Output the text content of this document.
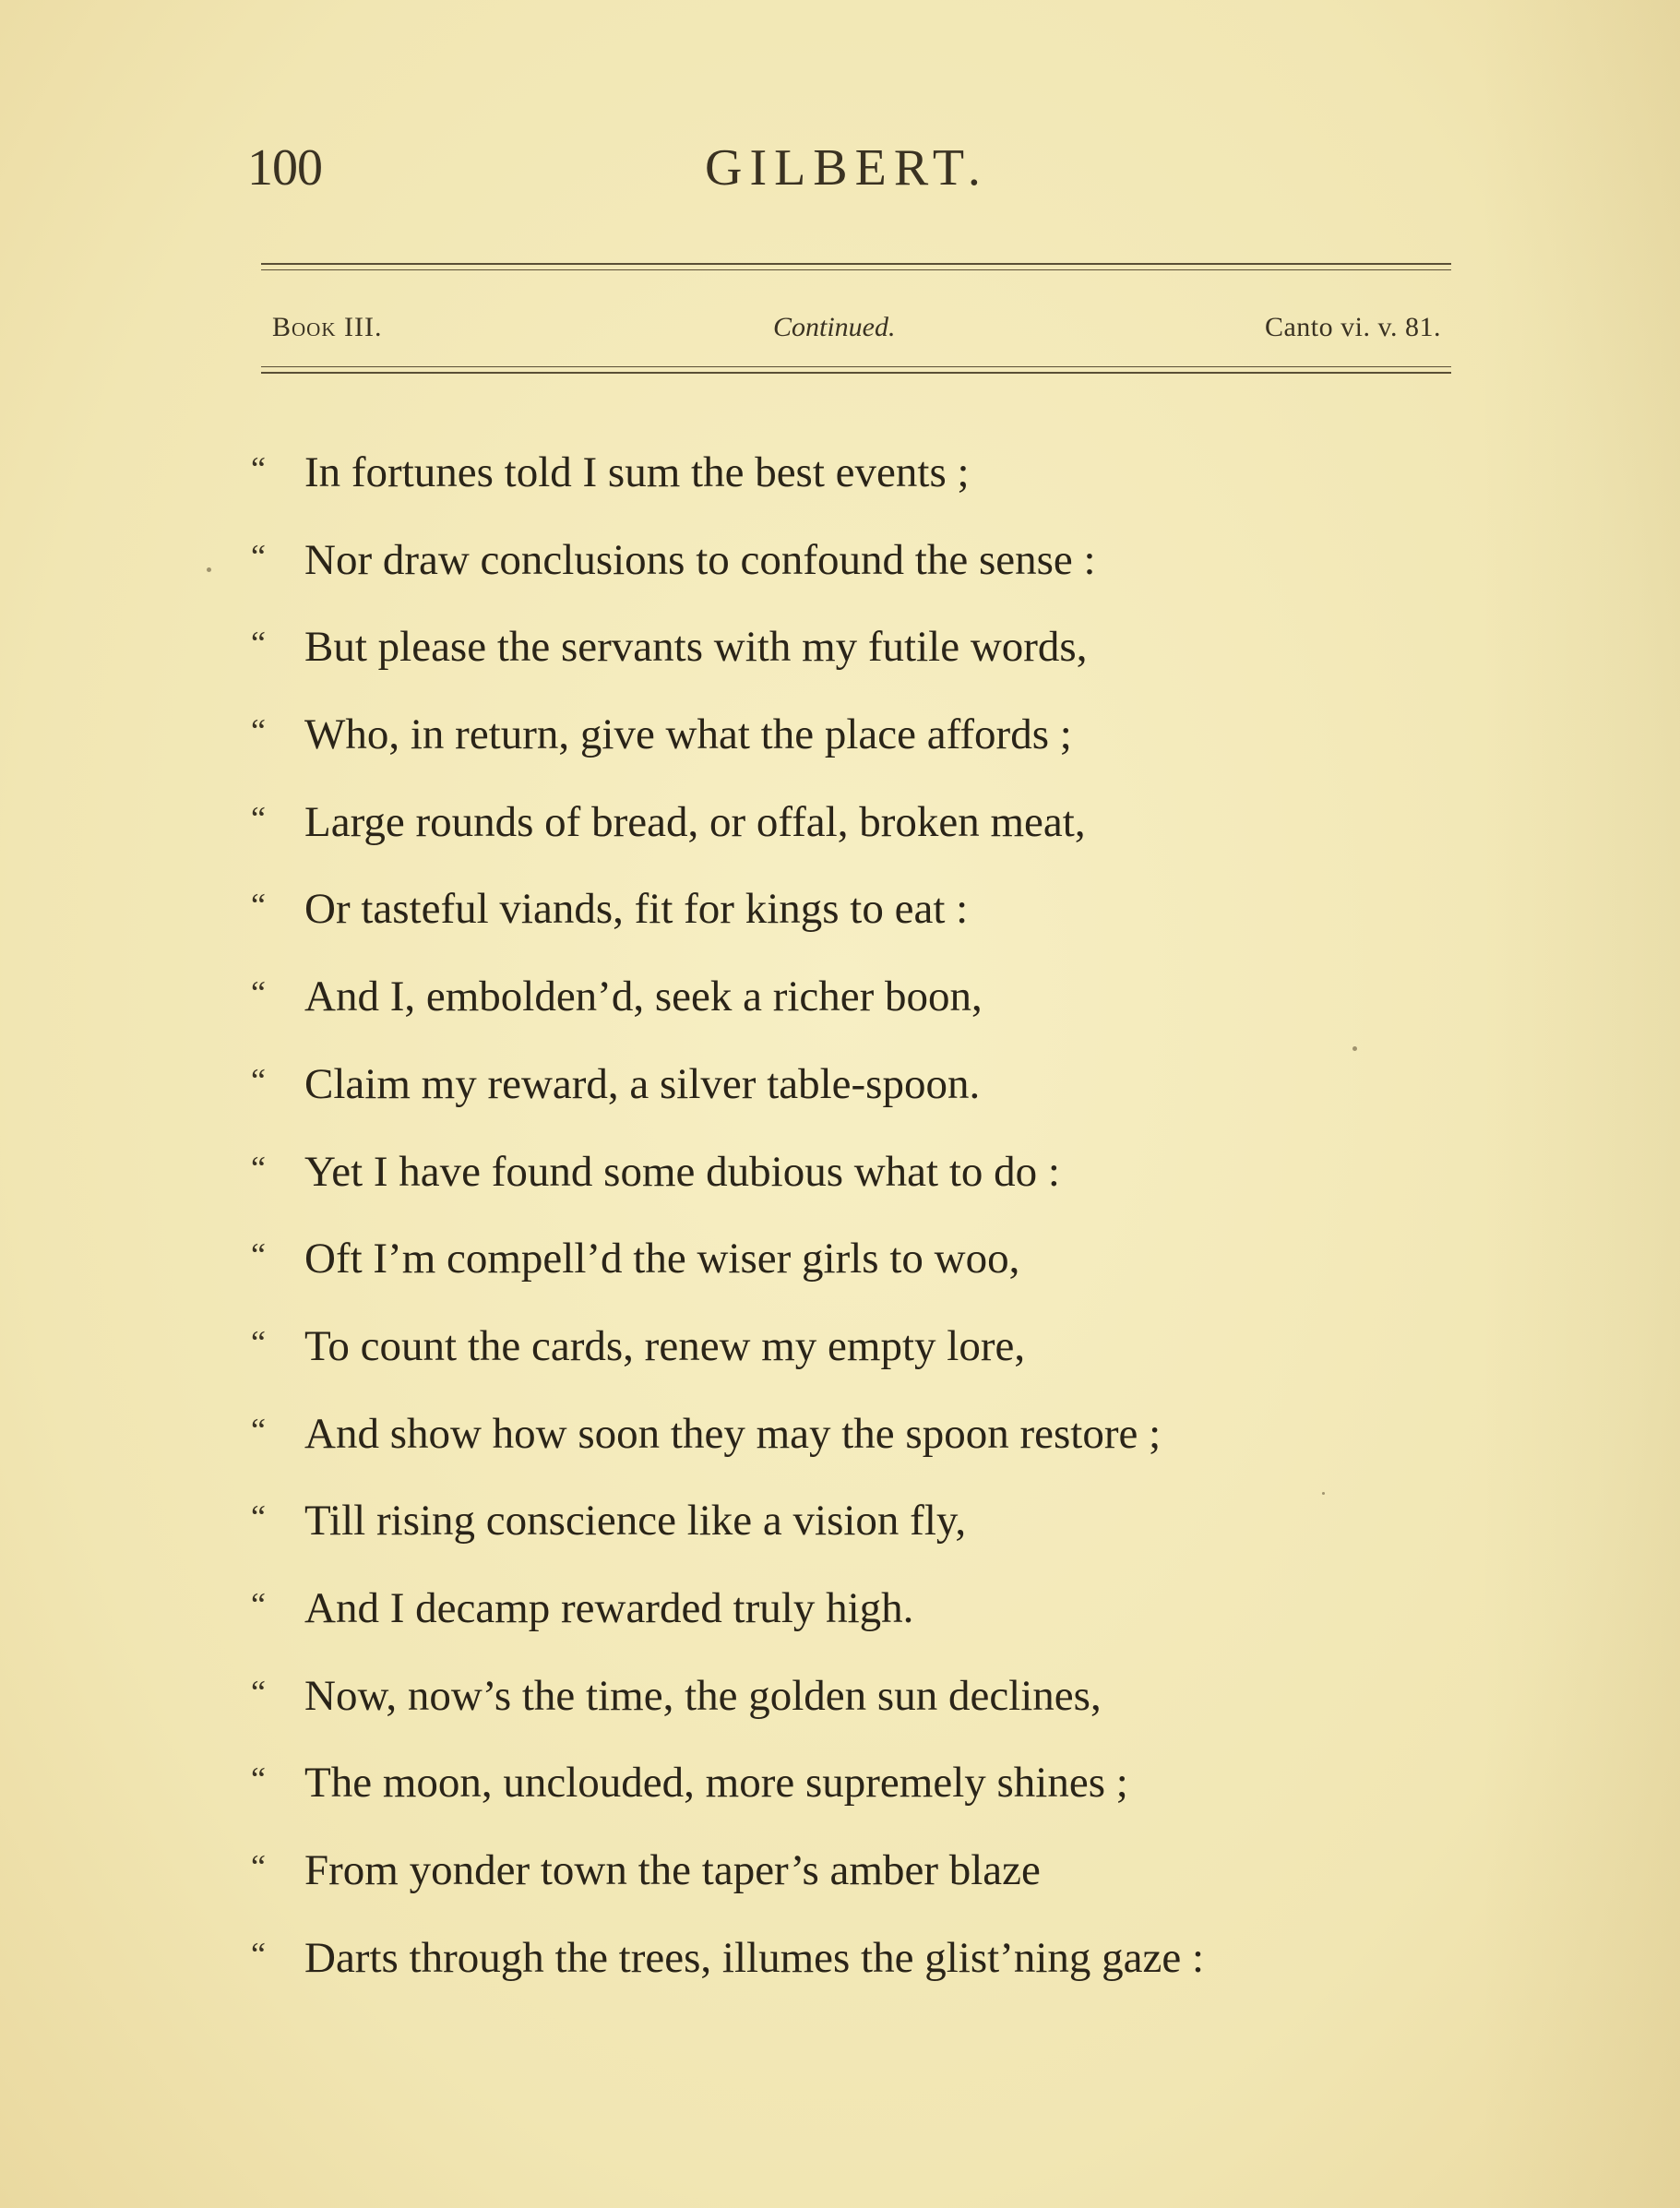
100	GILBERT.
Book III.	Continued.	Canto vi. v. 81.
“ In fortunes told I sum the best events ;
“ Nor draw conclusions to confound the sense :
“ But please the servants with my futile words,
“ Who, in return, give what the place affords ;
“ Large rounds of bread, or offal, broken meat,
“ Or tasteful viands, fit for kings to eat :
“ And I, embolden’d, seek a richer boon,
“ Claim my reward, a silver table-spoon.
“ Yet I have found some dubious what to do :
“ Oft I’m compell’d the wiser girls to woo,
“ To count the cards, renew my empty lore,
“ And show how soon they may the spoon restore ;
“ Till rising conscience like a vision fly,
“ And I decamp rewarded truly high.
“ Now, now’s the time, the golden sun declines,
“ The moon, unclouded, more supremely shines ;
“ From yonder town the taper’s amber blaze
“ Darts through the trees, illumes the glist’ning gaze :
